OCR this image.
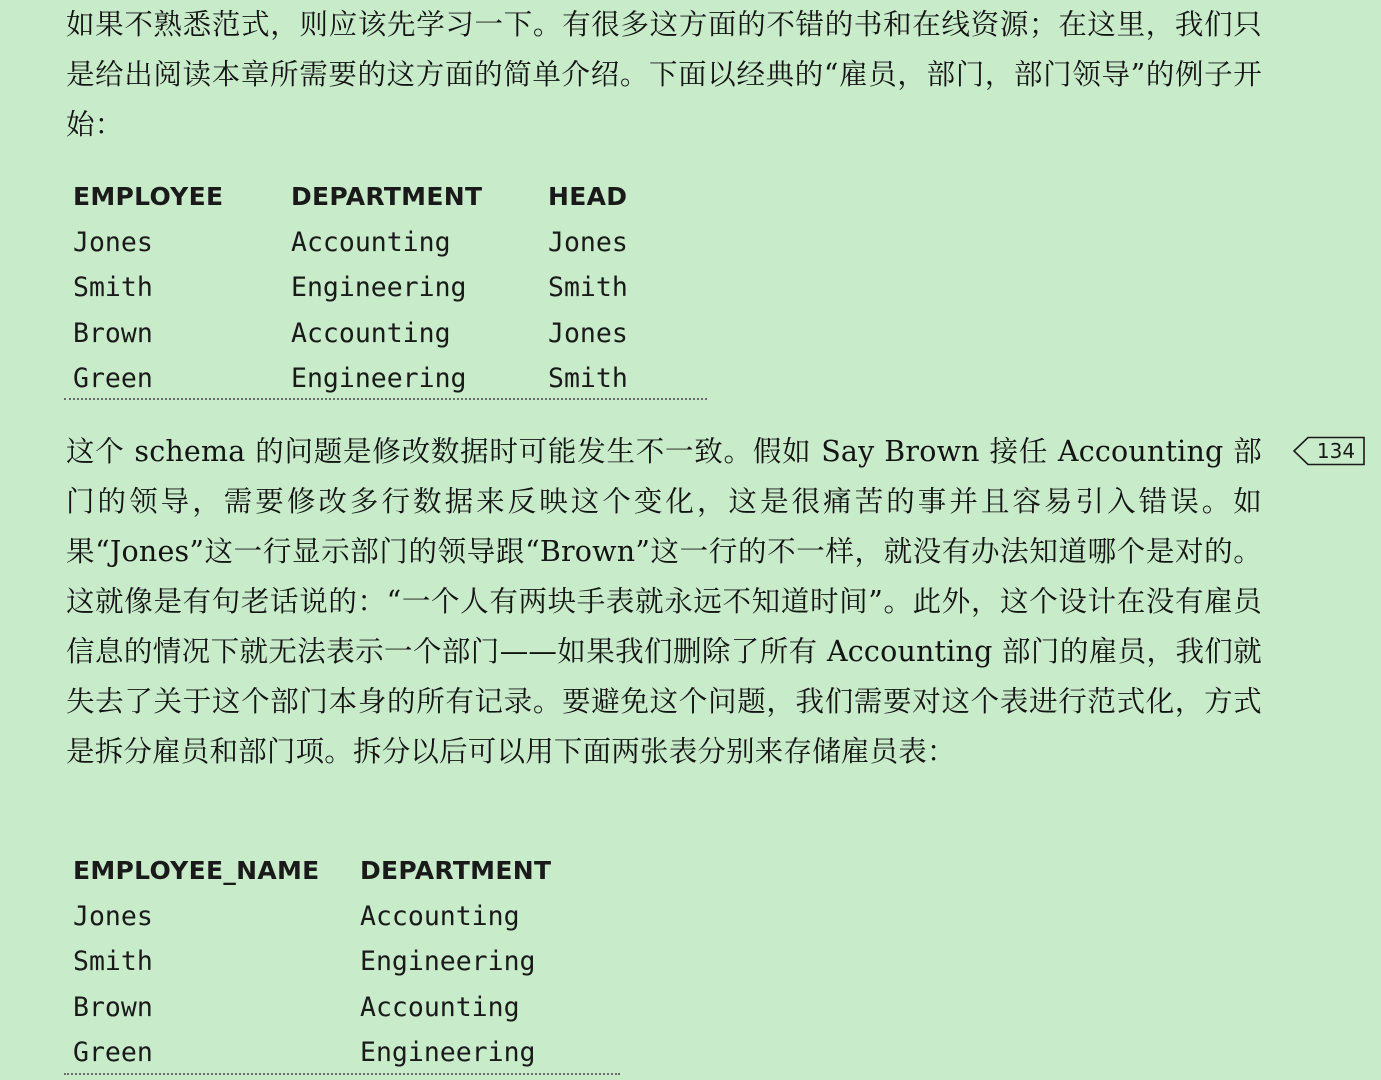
如果不熟悉范式，则应该先学习一下。有很多这方面的不错的书和在线资源；在这里，我们只是给出阅读本章所需要的这方面的简单介绍。下面以经典的“雇员，部门，部门领导”的例子开始：

EMPLOYEE	DEPARTMENT	HEAD
Jones	Accounting	Jones
Smith	Engineering	Smith
Brown	Accounting	Jones
Green	Engineering	Smith

这个 schema 的问题是修改数据时可能发生不一致。假如 Say Brown 接任 Accounting 部门的领导，需要修改多行数据来反映这个变化，这是很痛苦的事并且容易引入错误。如果“Jones”这一行显示部门的领导跟“Brown”这一行的不一样，就没有办法知道哪个是对的。这就像是有句老话说的：“一个人有两块手表就永远不知道时间”。此外，这个设计在没有雇员信息的情况下就无法表示一个部门——如果我们删除了所有 Accounting 部门的雇员，我们就失去了关于这个部门本身的所有记录。要避免这个问题，我们需要对这个表进行范式化，方式是拆分雇员和部门项。拆分以后可以用下面两张表分别来存储雇员表：

134
EMPLOYEE_NAME DEPARTMENT
Jones	Accounting
Smith	Engineering
Brown	Accounting
Green	Engineering
